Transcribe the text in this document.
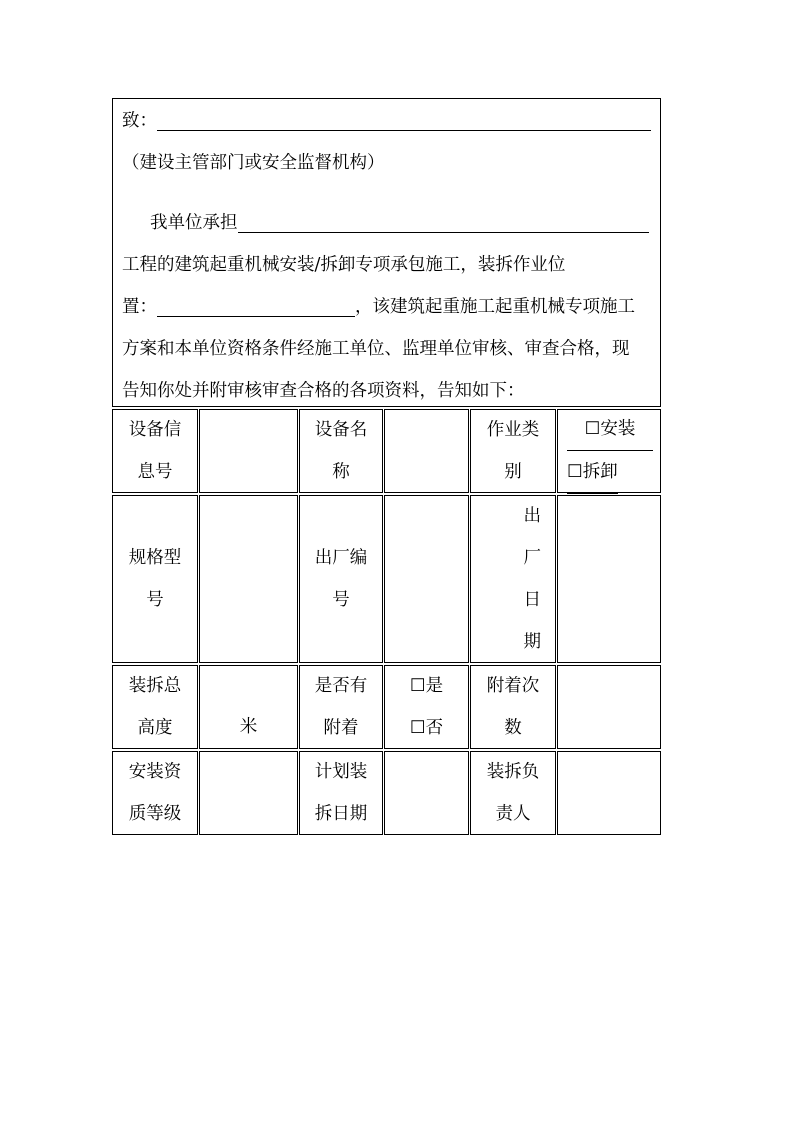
致：
（建设主管部门或安全监督机构）
我单位承担
工程的建筑起重机械安装/拆卸专项承包施工，装拆作业位
置：	，该建筑起重施工起重机械专项施工
方案和本单位资格条件经施工单位、监理单位审核、审查合格，现
告知你处并附审核审查合格的各项资料，告知如下：
设备信
息号
设备名
称
作业类
别
☐安装
☐拆卸
规格型
号
出厂编
号
出
厂
日
期
装拆总
高度	米
是否有
附着
☐是
☐否
附着次
数
安装资
质等级
计划装
拆日期
装拆负
责人
